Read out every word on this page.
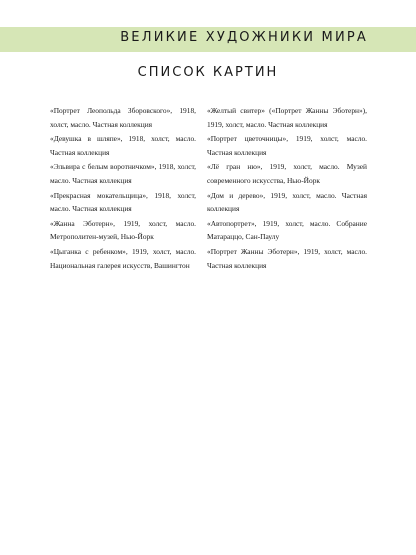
ВЕЛИКИЕ ХУДОЖНИКИ МИРА
СПИСОК КАРТИН
«Портрет Леопольда Зборовского», 1918, холст, масло. Частная коллекция
«Девушка в шляпе», 1918, холст, масло. Частная коллекция
«Эльвира с белым воротничком», 1918, холст, масло. Частная коллекция
«Прекрасная мокательщица», 1918, холст, масло. Частная коллекция
«Жанна Эботерн», 1919, холст, масло. Метрополитен-музей, Нью-Йорк
«Цыганка с ребенком», 1919, холст, масло. Национальная галерея искусств, Вашингтон
«Желтый свитер» («Портрет Жанны Эботерн»), 1919, холст, масло. Частная коллекция
«Портрет цветочницы», 1919, холст, масло. Частная коллекция
«Лё гран ню», 1919, холст, масло. Музей современного искусства, Нью-Йорк
«Дом и дерево», 1919, холст, масло. Частная коллекция
«Автопортрет», 1919, холст, масло. Собрание Матараццо, Сан-Паулу
«Портрет Жанны Эботерн», 1919, холст, масло. Частная коллекция
